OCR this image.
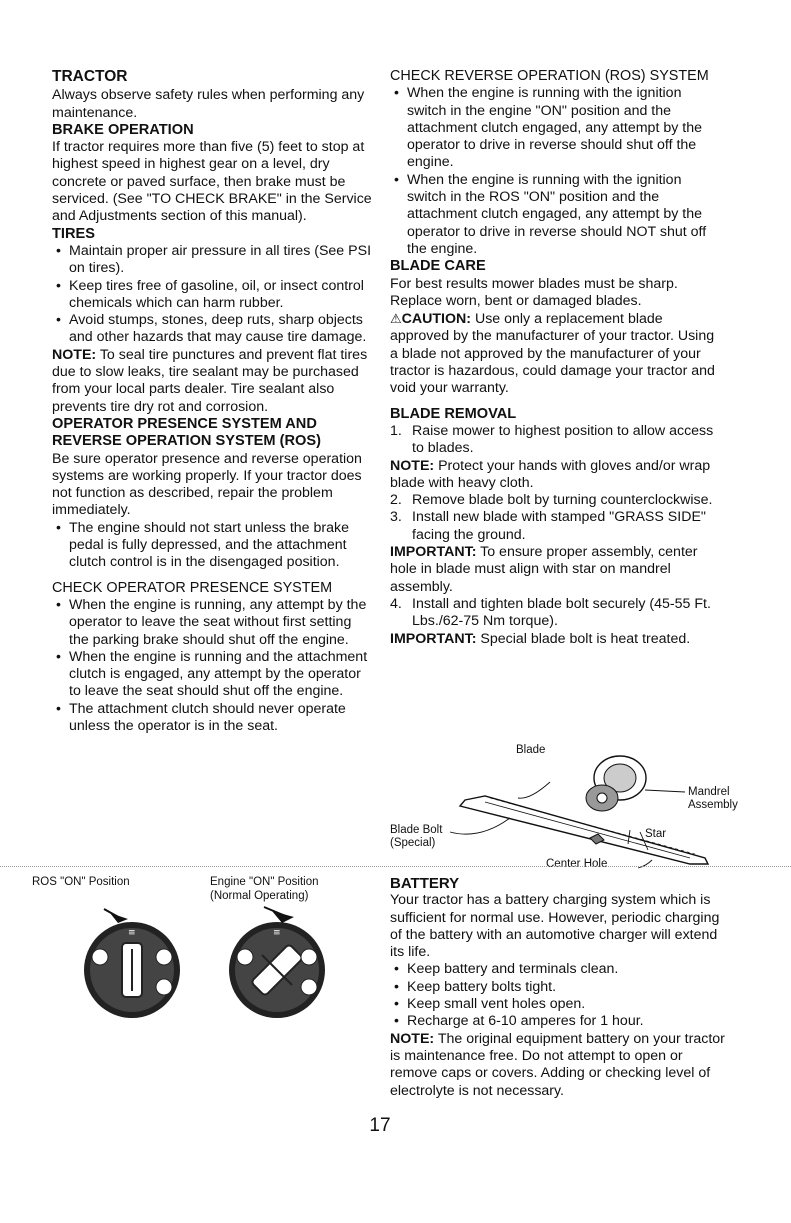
TRACTOR

Always observe safety rules when performing any maintenance.

BRAKE OPERATION

If tractor requires more than five (5) feet to stop at highest speed in highest gear on a level, dry concrete or paved surface, then brake must be serviced. (See "TO CHECK BRAKE" in the Service and Adjustments section of this manual).

TIRES

• Maintain proper air pressure in all tires (See PSI on tires).
• Keep tires free of gasoline, oil, or insect control chemicals which can harm rubber.
• Avoid stumps, stones, deep ruts, sharp objects and other hazards that may cause tire damage.

NOTE: To seal tire punctures and prevent flat tires due to slow leaks, tire sealant may be purchased from your local parts dealer. Tire sealant also prevents tire dry rot and corrosion.

OPERATOR PRESENCE SYSTEM AND REVERSE OPERATION SYSTEM (ROS)

Be sure operator presence and reverse operation systems are working properly. If your tractor does not function as described, repair the problem immediately.

• The engine should not start unless the brake pedal is fully depressed, and the attachment clutch control is in the disengaged position.

CHECK OPERATOR PRESENCE SYSTEM

• When the engine is running, any attempt by the operator to leave the seat without first setting the parking brake should shut off the engine.
• When the engine is running and the attachment clutch is engaged, any attempt by the operator to leave the seat should shut off the engine.
• The attachment clutch should never operate unless the operator is in the seat.

CHECK REVERSE OPERATION (ROS) SYSTEM

• When the engine is running with the ignition switch in the engine "ON" position and the attachment clutch engaged, any attempt by the operator to drive in reverse should shut off the engine.
• When the engine is running with the ignition switch in the ROS "ON" position and the attachment clutch engaged, any attempt by the operator to drive in reverse should NOT shut off the engine.

BLADE CARE

For best results mower blades must be sharp. Replace worn, bent or damaged blades.

⚠CAUTION: Use only a replacement blade approved by the manufacturer of your tractor. Using a blade not approved by the manufacturer of your tractor is hazardous, could damage your tractor and void your warranty.

BLADE REMOVAL

1. Raise mower to highest position to allow access to blades.

NOTE: Protect your hands with gloves and/or wrap blade with heavy cloth.

2. Remove blade bolt by turning counterclockwise.
3. Install new blade with stamped "GRASS SIDE" facing the ground.

IMPORTANT: To ensure proper assembly, center hole in blade must align with star on mandrel assembly.

4. Install and tighten blade bolt securely (45-55 Ft. Lbs./62-75 Nm torque).

IMPORTANT: Special blade bolt is heat treated.

Blade
Blade Bolt
(Special)
Mandrel
Assembly
Star
Center Hole
ROS "ON" Position	Engine "ON" Position
(Normal Operating)
≡	≡

BATTERY

Your tractor has a battery charging system which is sufficient for normal use. However, periodic charging of the battery with an automotive charger will extend its life.

• Keep battery and terminals clean.
• Keep battery bolts tight.
• Keep small vent holes open.
• Recharge at 6-10 amperes for 1 hour.

NOTE: The original equipment battery on your tractor is maintenance free. Do not attempt to open or remove caps or covers. Adding or checking level of electrolyte is not necessary.

17
